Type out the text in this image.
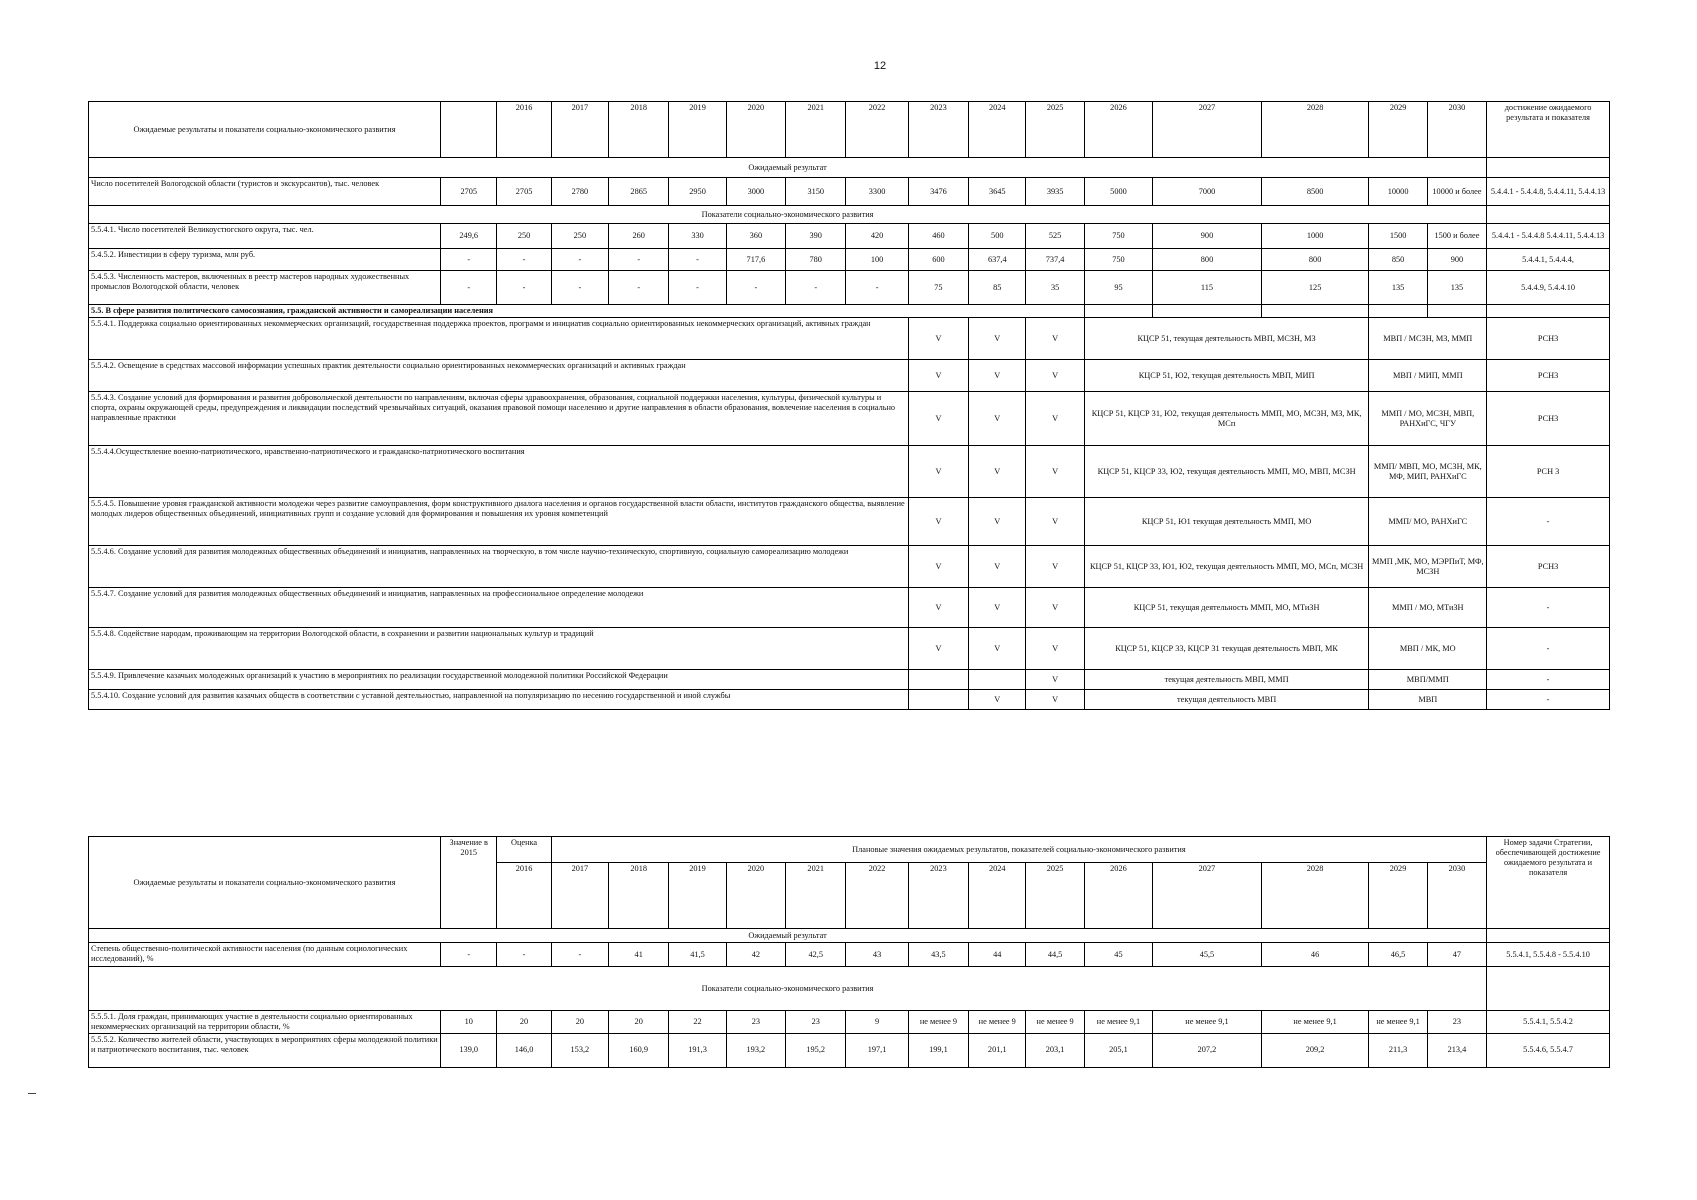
12
Ожидаемые результаты и показатели социально-экономического развития		2016	2017	2018	2019	2020	2021	2022	2023	2024	2025	2026	2027	2028	2029	2030	достижение ожидаемого результата и показателя
Ожидаемый результат																	
Число посетителей Вологодской области (туристов и экскурсантов), тыс. человек	2705	2705	2780	2865	2950	3000	3150	3300	3476	3645	3935	5000	7000	8500	10000	10000 и более	5.4.4.1 - 5.4.4.8, 5.4.4.11, 5.4.4.13
Показатели социально-экономического развития																	
5.5.4.1. Число посетителей Великоустюгского округа, тыс. чел.	249,6	250	250	260	330	360	390	420	460	500	525	750	900	1000	1500	1500 и более	5.4.4.1 - 5.4.4.8 5.4.4.11, 5.4.4.13
5.4.5.2. Инвестиции в сферу туризма, млн руб.	-	-	-	-	-	717,6	780	100	600	637,4	737,4	750	800	800	850	900	5.4.4.1, 5.4.4.4,
5.4.5.3. Численность мастеров, включенных в реестр мастеров народных художественных промыслов Вологодской области, человек	-	-	-	-	-	-	-	-	75	85	35	95	115	125	135	135	5.4.4.9, 5.4.4.10
5.5. В сфере развития политического самосознания, гражданской активности и самореализации населения																	
5.5.4.1. Поддержка социально ориентированных некоммерческих организаций, государственная поддержка проектов, программ и инициатив социально ориентированных некоммерческих организаций, активных граждан									V	V	V	КЦСР 51, текущая деятельность МВП, МСЗН, МЗ			МВП / МСЗН, МЗ, ММП		РСН3
5.5.4.2. Освещение в средствах массовой информации успешных практик деятельности социально ориентированных некоммерческих организаций и активных граждан									V	V	V	КЦСР 51, Ю2, текущая деятельность МВП, МИП			МВП / МИП, ММП		РСН3
5.5.4.3. Создание условий для формирования и развития добровольческой деятельности по направлениям, включая сферы здравоохранения, образования, социальной поддержки населения, культуры, физической культуры и спорта, охраны окружающей среды, предупреждения и ликвидации последствий чрезвычайных ситуаций, оказания правовой помощи населению и другие направления в области образования, вовлечение населения в социально направленные практики									V	V	V	КЦСР 51, КЦСР 31, Ю2, текущая деятельность ММП, МО, МСЗН, МЗ, МК, МСп			ММП / МО, МСЗН, МВП, РАНХиГС, ЧГУ		РСН3
5.5.4.4.Осуществление военно-патриотического, нравственно-патриотического и гражданско-патриотического воспитания									V	V	V	КЦСР 51, КЦСР 33, Ю2, текущая деятельность ММП, МО, МВП, МСЗН			ММП/ МВП, МО, МСЗН, МК, МФ, МИП, РАНХиГС		РСН 3
5.5.4.5. Повышение уровня гражданской активности молодежи через развитие самоуправления, форм конструктивного диалога населения и органов государственной власти области, институтов гражданского общества, выявление молодых лидеров общественных объединений, инициативных групп и создание условий для формирования и повышения их уровня компетенций									V	V	V	КЦСР 51, Ю1 текущая деятельность ММП, МО			ММП/ МО, РАНХиГС		-
5.5.4.6. Создание условий для развития молодежных общественных объединений и инициатив, направленных на творческую, в том числе научно-техническую, спортивную, социальную самореализацию молодежи									V	V	V	КЦСР 51, КЦСР 33, Ю1, Ю2, текущая деятельность ММП, МО, МСп, МСЗН			ММП ,МК, МО, МЭРПиТ, МФ, МСЗН		РСН3
5.5.4.7. Создание условий для развития молодежных общественных объединений и инициатив, направленных на профессиональное определение молодежи									V	V	V	КЦСР 51, текущая деятельность ММП, МО, МТиЗН			ММП / МО, МТиЗН		-
5.5.4.8. Содействие народам, проживающим на территории Вологодской области, в сохранении и развитии национальных культур и традиций									V	V	V	КЦСР 51, КЦСР 33, КЦСР 31 текущая деятельность МВП, МК			МВП / МК, МО		-
5.5.4.9. Привлечение казачьих молодежных организаций к участию в мероприятиях по реализации государственной молодежной политики Российской Федерации											V	текущая деятельность МВП, ММП			МВП/ММП		-
5.5.4.10. Создание условий для развития казачьих обществ в соответствии с уставной деятельностью, направленной на популяризацию по несению государственной и иной службы										V	V	текущая деятельность МВП			МВП		-
Ожидаемые результаты и показатели социально-экономического развития	Значение в 2015	Оценка	Плановые значения ожидаемых результатов, показателей социально-экономического развития														Номер задачи Стратегии, обеспечивающей достижение ожидаемого результата и показателя
		2016	2017	2018	2019	2020	2021	2022	2023	2024	2025	2026	2027	2028	2029	2030	
Ожидаемый результат																	
Степень общественно-политической активности населения (по данным социологических исследований), %	-	-	-	41	41,5	42	42,5	43	43,5	44	44,5	45	45,5	46	46,5	47	5.5.4.1, 5.5.4.8 - 5.5.4.10
Показатели социально-экономического развития																	
5.5.5.1. Доля граждан, принимающих участие в деятельности социально ориентированных некоммерческих организаций на территории области, %	10	20	20	20	22	23	23	9	не менее 9	не менее 9	не менее 9	не менее 9,1	не менее 9,1	не менее 9,1	не менее 9,1	23	5.5.4.1, 5.5.4.2
5.5.5.2. Количество жителей области, участвующих в мероприятиях сферы молодежной политики и патриотического воспитания, тыс. человек	139,0	146,0	153,2	160,9	191,3	193,2	195,2	197,1	199,1	201,1	203,1	205,1	207,2	209,2	211,3	213,4	5.5.4.6, 5.5.4.7
